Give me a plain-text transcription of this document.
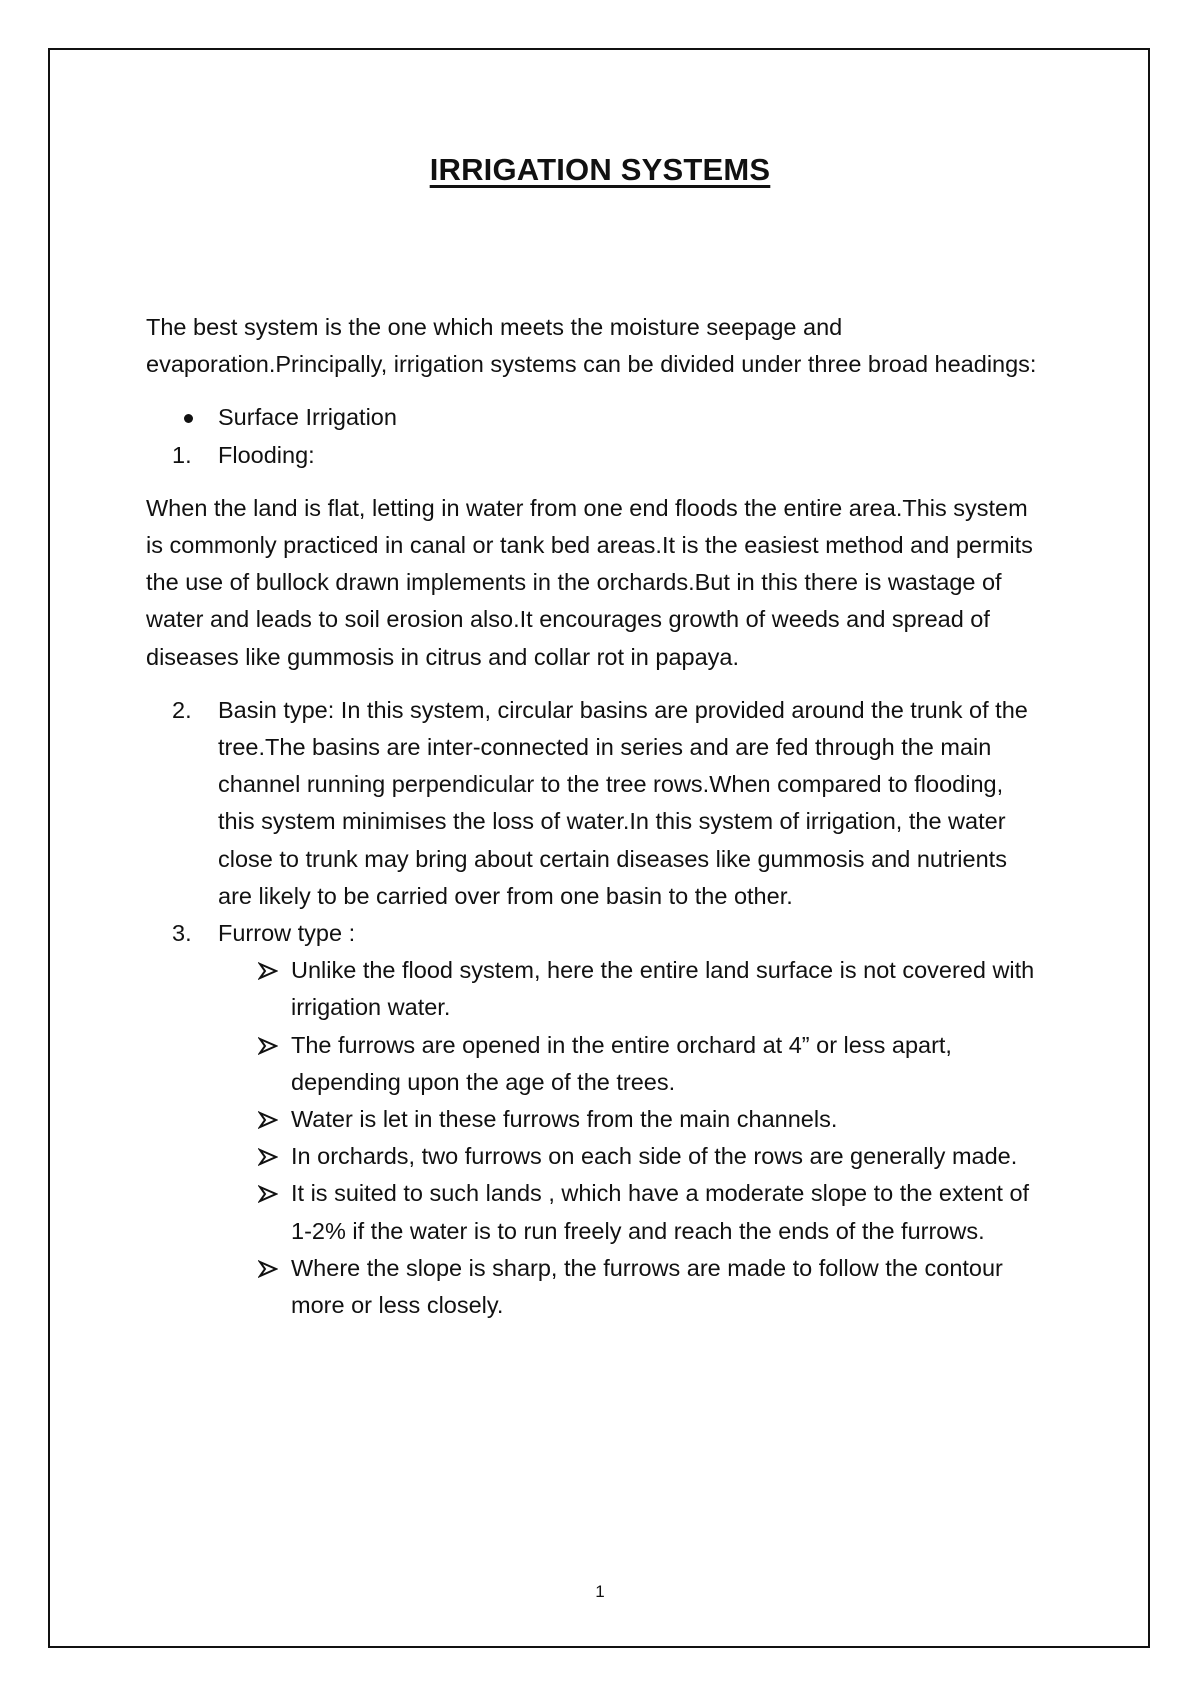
IRRIGATION SYSTEMS

The best system is the one which meets the moisture seepage and evaporation.Principally, irrigation systems can be divided under three broad headings:

Surface Irrigation
1. Flooding:

When the land is flat, letting in water from one end floods the entire area.This system is commonly practiced in canal or tank bed areas.It is the easiest method and permits the use of bullock drawn implements in the orchards.But in this there is wastage of water and leads to soil erosion also.It encourages growth of weeds and spread of diseases like gummosis in citrus and collar rot in papaya.

2. Basin type: In this system, circular basins are provided around the trunk of the tree.The basins are inter-connected in series and are fed through the main channel running perpendicular to the tree rows.When compared to flooding, this system minimises the loss of water.In this system of irrigation, the water close to trunk may bring about certain diseases like gummosis and nutrients are likely to be carried over from one basin to the other.
3. Furrow type :
Unlike the flood system, here the entire land surface is not covered with irrigation water.
The furrows are opened in the entire orchard at 4” or less apart, depending upon the age of the trees.
Water is let in these furrows from the main channels.
In orchards, two furrows on each side of the rows are generally made.
It is suited to such lands , which have a moderate slope to the extent of 1-2% if the water is to run freely and reach the ends of the furrows.
Where the slope is sharp, the furrows are made to follow the contour more or less closely.
1
